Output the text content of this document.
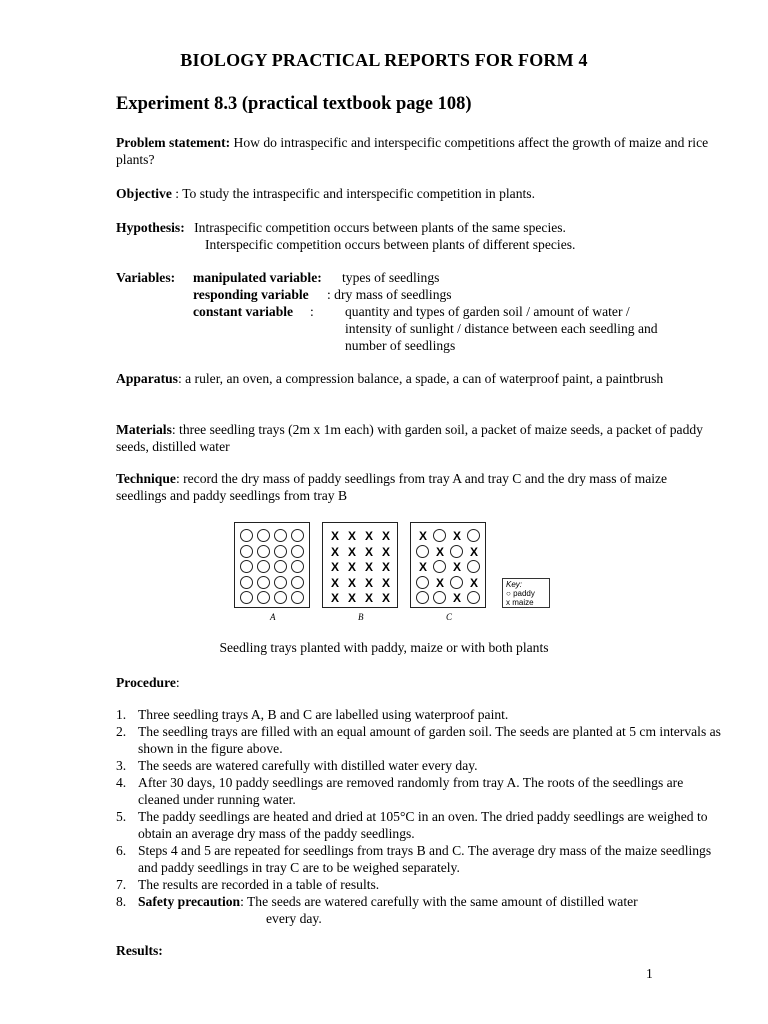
BIOLOGY PRACTICAL REPORTS FOR FORM 4
Experiment 8.3 (practical textbook page 108)
Problem statement: How do intraspecific and interspecific competitions affect the growth of maize and rice plants?
Objective : To study the intraspecific and interspecific competition in plants.
Hypothesis: Intraspecific competition occurs between plants of the same species.
Interspecific competition occurs between plants of different species.
Variables: manipulated variable: types of seedlings
responding variable : dry mass of seedlings
constant variable : quantity and types of garden soil / amount of water /
intensity of sunlight / distance between each seedling and
number of seedlings
Apparatus: a ruler, an oven, a compression balance, a spade, a can of waterproof paint, a paintbrush
Materials: three seedling trays (2m x 1m each) with garden soil, a packet of maize seeds, a packet of paddy seeds, distilled water
Technique: record the dry mass of paddy seedlings from tray A and tray C and the dry mass of maize seedlings and paddy seedlings from tray B
Key:
○ paddy
x maize
A
X X X X
X X X X
X X X X
X X X X
X X X X
B
X X
X X
X X
X X
X
C
Seedling trays planted with paddy, maize or with both plants
Procedure:
1. Three seedling trays A, B and C are labelled using waterproof paint.
2. The seedling trays are filled with an equal amount of garden soil. The seeds are planted at 5 cm intervals as shown in the figure above.
3. The seeds are watered carefully with distilled water every day.
4. After 30 days, 10 paddy seedlings are removed randomly from tray A. The roots of the seedlings are cleaned under running water.
5. The paddy seedlings are heated and dried at 105°C in an oven. The dried paddy seedlings are weighed to obtain an average dry mass of the paddy seedlings.
6. Steps 4 and 5 are repeated for seedlings from trays B and C. The average dry mass of the maize seedlings and paddy seedlings in tray C are to be weighed separately.
7. The results are recorded in a table of results.
8. Safety precaution: The seeds are watered carefully with the same amount of distilled water
every day.
Results:
1
